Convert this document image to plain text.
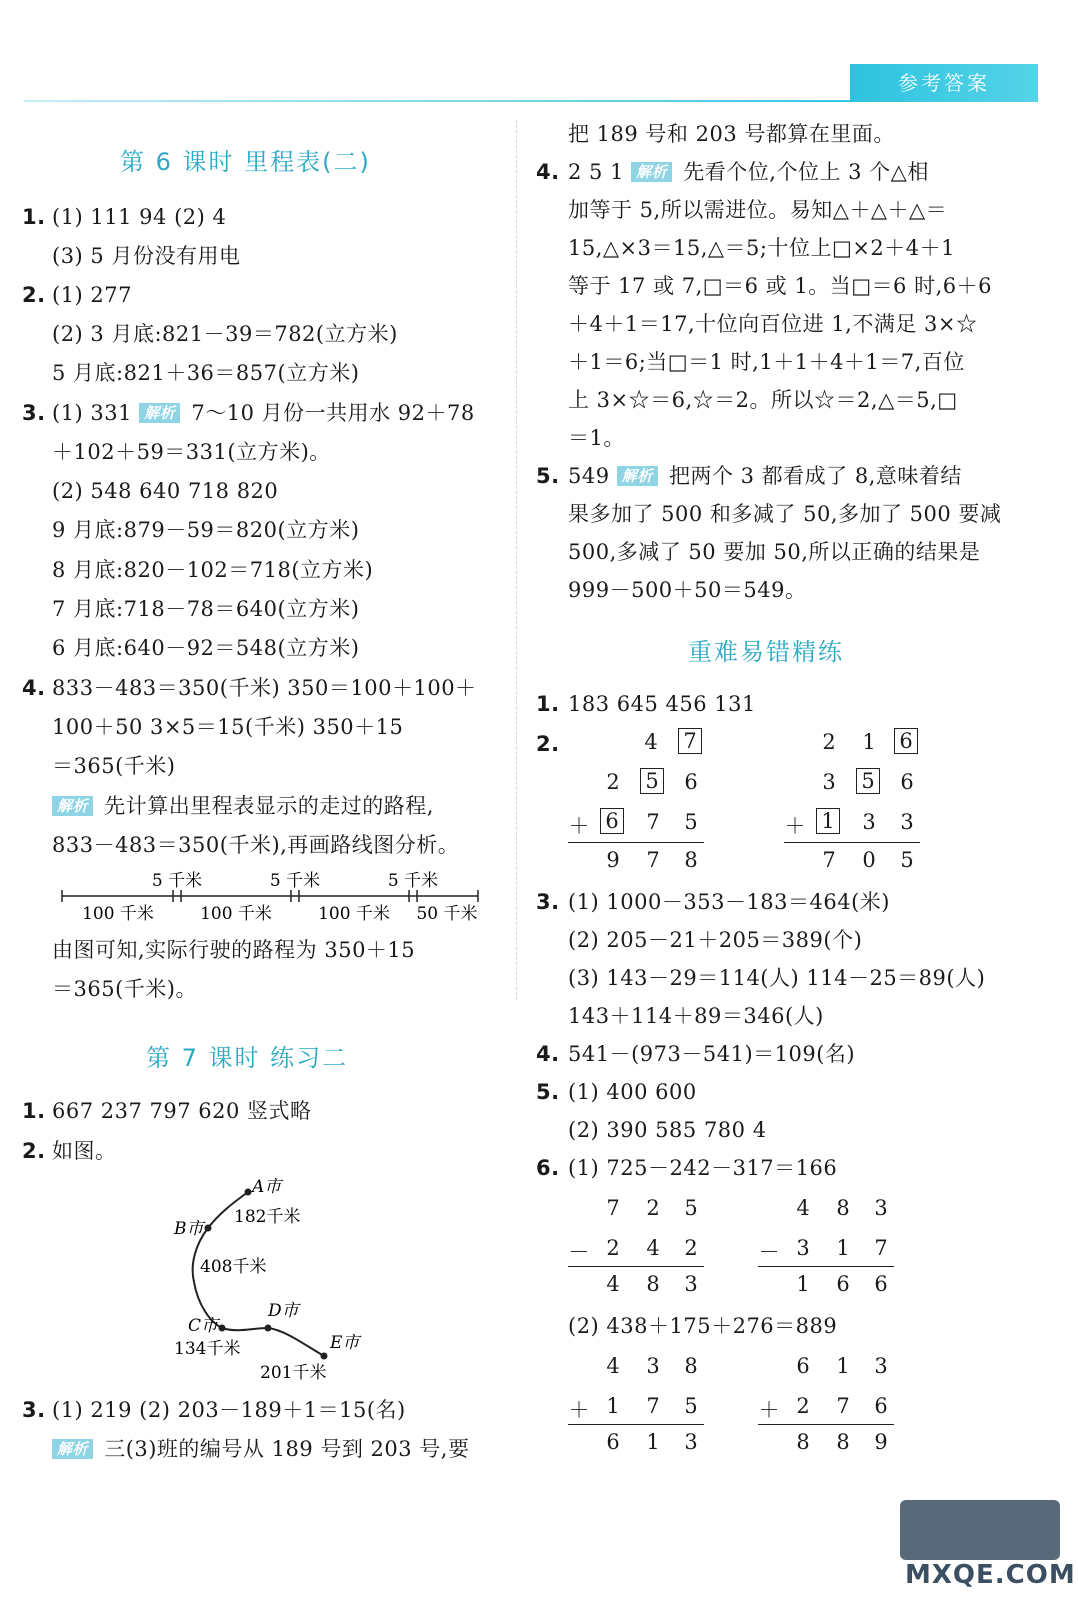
参考答案
第 6 课时 里程表(二)
1. (1) 111 94 (2) 4
(3) 5 月份没有用电
2. (1) 277
(2) 3 月底:821－39＝782(立方米)
5 月底:821＋36＝857(立方米)
3. (1) 331 解析 7～10 月份一共用水 92＋78
＋102＋59＝331(立方米)。
(2) 548 640 718 820
9 月底:879－59＝820(立方米)
8 月底:820－102＝718(立方米)
7 月底:718－78＝640(立方米)
6 月底:640－92＝548(立方米)
4. 833－483＝350(千米) 350＝100＋100＋
100＋50 3×5＝15(千米) 350＋15
＝365(千米)
解析 先计算出里程表显示的走过的路程,
833－483＝350(千米),再画路线图分析。
5 千米	5 千米	5 千米
100 千米	100 千米	100 千米 50 千米
由图可知,实际行驶的路程为 350＋15
＝365(千米)。
第 7 课时 练习二
1. 667 237 797 620 竖式略
2. 如图。
A市
B市
C市
D市
E市
182千米
408千米
134千米
201千米
3. (1) 219 (2) 203－189＋1＝15(名)
解析 三(3)班的编号从 189 号到 203 号,要
把 189 号和 203 号都算在里面。
4. 2 5 1 解析 先看个位,个位上 3 个△相
加等于 5,所以需进位。易知△＋△＋△＝
15,△×3＝15,△＝5;十位上□×2＋4＋1
等于 17 或 7,□＝6 或 1。当□＝6 时,6＋6
＋4＋1＝17,十位向百位进 1,不满足 3×☆
＋1＝6;当□＝1 时,1＋1＋4＋1＝7,百位
上 3×☆＝6,☆＝2。所以☆＝2,△＝5,□
＝1。
5. 549 解析 把两个 3 都看成了 8,意味着结
果多加了 500 和多减了 50,多加了 500 要减
500,多减了 50 要加 50,所以正确的结果是
999－500＋50＝549。
重难易错精练
1. 183 645 456 131
2.	4 7
2 5 6
＋ 6 7 5
9 7 8
2 1 6
3 5 6
＋ 1 3 3
7 0 5
3. (1) 1000－353－183＝464(米)
(2) 205－21＋205＝389(个)
(3) 143－29＝114(人) 114－25＝89(人)
143＋114＋89＝346(人)
4. 541－(973－541)＝109(名)
5. (1) 400 600
(2) 390 585 780 4
6. (1) 725－242－317＝166
7 2 5
－ 2 4 2
4 8 3
4 8 3
－ 3 1 7
1 6 6
(2) 438＋175＋276＝889
4 3 8
＋ 1 7 5
6 1 3
6 1 3
＋ 2 7 6
8 8 9
MXQE.COM
